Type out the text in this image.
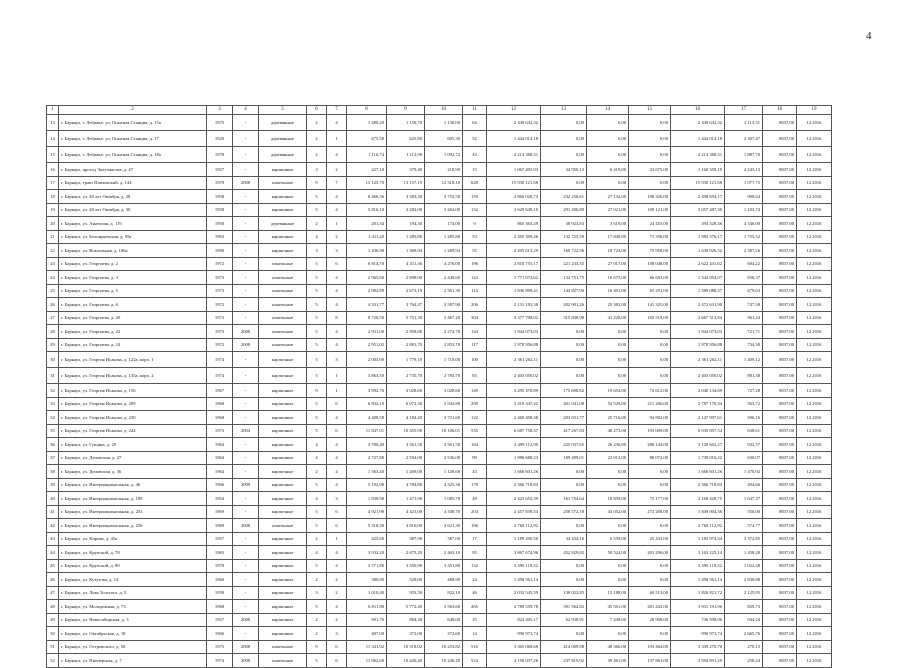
4
1	2	3	4	5	6	7	8	9	10	11	12	13	14	15	16	17	18	19
13	г. Барнаул, г. Лебяжье, ул. Опытная Станция, д. 15а	1975	-	деревянные	2	4	1 280,20	1 156,70	1 130,00	64	2 449 632,32	0,00	0,00	0,00	2 449 632,32	2 113,31	8837,00	12.2016
14	г. Барнаул, г. Лебяжье, ул. Опытная Станция, д. 17	1920	-	деревянные	2	1	675,50	625,80	605,30	52	1 444 014,18	0,00	0,00	0,00	1 444 014,18	2 307,47	8837,00	12.2016
15	г. Барнаул, г. Лебяжье, ул. Опытная Станция, д. 18а	1978	-	деревянные	2	4	1 116,74	1 112,90	1 092,72	43	2 214 368,31	0,00	0,00	0,00	2 214 368,31	1 887,70	8837,00	12.2016
16	г. Барнаул, проезд Энтузиастов, д. 47	1957	-	кирпичные	3	2	427,10	379,40	218,90	15	1 067 403,93	34 950,13	6 419,00	23 675,00	1 160 358,19	4 243,13	8837,00	12.2016
17	г. Барнаул, тракт Павловский, д. 144	1979	2008	панельные	9	7	13 125,70	13 157,19	12 318,10	628	15 930 121,68	0,00	0,00	0,00	15 930 121,68	1 077,75	8837,00	12.2016
18	г. Барнаул, ул. 40 лет Октября, д. 28	1958	-	кирпичные	5	4	6 466,36	3 383,30	3 753,50	159	2 866 028,73	232 256,61	27 132,00	108 320,00	2 498 694,17	908,64	8837,00	12.2016
19	г. Барнаул, ул. 40 лет Октября, д. 30	1958	-	кирпичные	5	4	5 816,10	3 282,00	3 262,00	132	3 629 649,10	291 496,80	27 021,00	109 121,00	3 057 487,30	1 103,74	8837,00	12.2016
20	г. Барнаул, ул. Анатолия, д. 119	1950	-	деревянные	2	1	201,34	194,30	174,00	9	865 363,29	38 923,83	3 619,00	24 455,00	394 328,46	4 346,00	8837,00	12.2016
21	г. Барнаул, ул. Белоярцевская, д. 95а	1963	-	кирпичные	4	2	1 411,20	1 285,80	1 285,80	53	2 205 399,46	132 725,59	17 840,00	71 356,00	1 983 376,17	1 755,52	8837,00	12.2016
22	г. Барнаул, ул. Вокзальная, д. 106а	1990	-	кирпичные	3	3	1 436,98	1 369,94	1 269,94	55	2 205 613,29	160 722,96	18 724,00	75 958,00	1 630 026,52	2 387,26	8837,00	12.2016
23	г. Барнаул, ул. Георгиева, д. 2	1972	-	панельные	5	6	6 814,70	4 411,36	4 276,00	196	2 818 755,17	221 233,35	27 017,00	108 048,00	2 622 441,62	684,22	8837,00	12.2016
24	г. Барнаул, ул. Георгиева, д. 3	1973	-	панельные	5	4	2 965,60	2 698,00	2 449,60	122	1 771 072,62	132 751,75	16 675,00	66 693,00	1 544 854,07	658,37	8837,00	12.2016
25	г. Барнаул, ул. Георгиева, д. 5	1973	-	панельные	5	4	2 982,89	2 673,19	2 561,39	114	1 836 899,41	143 827,90	16 401,00	65 291,00	1 589 088,37	679,63	8837,00	12.2016
26	г. Барнаул, ул. Георгиева, д. 6	1972	-	панельные	5	4	4 331,77	3 764,37	3 587,90	206	2 131 183,38	202 901,26	25 382,00	141 325,00	2 472 631,90	747,38	8837,00	12.2016
27	г. Барнаул, ул. Георгиева, д. 20	1972	-	панельные	5	8	8 720,50	5 751,30	5 467,20	304	3 377 708,02	315 838,98	41 220,00	165 519,00	2 667 313,84	961,24	8837,00	12.2016
28	г. Барнаул, ул. Георгиева, д. 22	1973	2008	панельные	5	4	2 931,00	2 858,80	2 274,70	134	1 944 073,03	0,00	0,00	0,00	1 944 073,03	721,71	8837,00	12.2016
29	г. Барнаул, ул. Георгиева, д. 24	1972	2008	панельные	5	4	2 951,02	2 881,70	2 853,70	117	1 978 956,88	0,00	0,00	0,00	1 978 956,88	734,38	8837,00	12.2016
30	г. Барнаул, ул. Георгия Исакова, д. 122а, корп. 1	1974	-	кирпичные	5	3	2 003,90	1 779,10	1 710,00	100	2 361 262,11	0,00	0,00	0,00	2 361 262,11	1 409,12	8837,00	12.2016
31	г. Барнаул, ул. Георгия Исакова, д. 135а, корп. 2	1974	-	кирпичные	5	1	3 863,50	2 735,70	2 783,70	83	2 403 050,02	0,00	0,00	0,00	2 403 050,02	881,38	8837,00	12.2016
32	г. Барнаул, ул. Георгия Исакова, д. 156	1967	-	кирпичные	9	1	3 992,76	3 028,60	3 028,60	149	3 295 470,89	175 698,82	19 654,00	74 612,00	2 040 134,69	727,28	8837,00	12.2016
33	г. Барнаул, ул. Георгия Исакова, д. 209	1968	-	кирпичные	5	6	6 832,10	6 072,36	5 943,80	299	3 419 347,42	401 041,08	52 529,00	211 206,00	2 787 178,34	563,72	8837,00	12.2016
34	г. Барнаул, ул. Георгия Исакова, д. 230	1968	-	кирпичные	5	4	4 408,58	4 184,20	3 721,60	122	2 469 498,38	203 031,77	25 716,00	94 802,00	2 147 997,61	596,16	8837,00	12.2016
35	г. Барнаул, ул. Георгия Исакова, д. 244	1973	2004	кирпичные	5	6	11 847,01	10 455,98	10 106,01	535	6 687 758,37	417 267,83	48 273,00	193 009,00	6 035 097,54	638,61	8837,00	12.2016
36	г. Барнаул, ул. Гущина, д. 29	1964	-	кирпичные	4	4	3 780,40	3 561,50	3 561,50	164	3 499 112,90	225 037,65	26 236,00	286 144,00	3 120 662,27	932,57	8837,00	12.2016
37	г. Барнаул, ул. Деповская, д. 27	1964	-	кирпичные	4	4	2 727,80	2 594,00	2 536,08	99	1 986 688,23	189 499,01	22 013,00	88 072,00	1 730 016,22	630,07	8837,00	12.2016
38	г. Барнаул, ул. Деповская, д. 36	1964	-	кирпичные	2	4	1 363,40	1 269,00	1 128,68	43	1 666 601,26	0,00	0,00	0,00	1 666 601,26	1 470,92	8837,00	12.2016
39	г. Барнаул, ул. Интернациональная, д. 46	1966	2009	кирпичные	5	4	5 192,90	4 784,80	4 325,36	178	2 366 718,83	0,00	0,00	0,00	2 366 718,83	494,66	8837,00	12.2016
40	г. Барнаул, ул. Интернациональная, д. 189	1954	-	кирпичные	4	3	1 839,90	1 471,90	1 085,70	49	2 423 652,39	161 754,64	18 859,00	75 177,00	2 168 428,75	1 647,37	8837,00	12.2016
41	г. Барнаул, ул. Интернациональная, д. 253	1969	-	кирпичные	5	6	4 921,90	4 421,00	4 338,70	204	2 457 839,54	258 572,18	43 052,00	272 208,00	1 849 004,36	550,00	8837,00	12.2016
42	г. Барнаул, ул. Интернациональная, д. 256	1969	2008	панельные	5	6	5 318,30	4 816,00	4 621,30	196	2 768 112,92	0,00	0,00	0,00	2 768 112,92	574,77	8837,00	12.2016
43	г. Барнаул, ул. Кирова, д. 45а	1957	-	кирпичные	2	1	425,60	387,90	387,00	17	1 189 200,50	34 434,16	6 559,00	25 433,00	1 183 974,34	3 372,85	8837,00	12.2016
44	г. Барнаул, ул. Крупской, д. 78	1963	-	кирпичные	4	4	3 932,20	2 675,20	2 463,10	95	3 867 674,96	452 829,82	50 524,00	201 296,00	3 163 225,14	1 458,28	8837,00	12.2016
45	г. Барнаул, ул. Крупской, д. 80	1970	-	кирпичные	5	4	3 571,80	3 550,90	3 351,80	132	3 596 118,52	0,00	0,00	0,00	3 596 118,52	1 022,48	8837,00	12.2016
46	г. Барнаул, ул. Кутузова, д. 14	1960	-	кирпичные	2	2	580,80	529,00	488,90	24	1 498 561,14	0,00	0,00	0,00	1 498 561,14	2 830,88	8837,00	12.2016
47	г. Барнаул, ул. Льва Толстого, д. 5	1958	-	кирпичные	3	2	1 010,40	953,50	822,10	46	2 032 545,59	130 022,85	15 188,00	60 513,00	1 826 821,72	2 125,95	8837,00	12.2016
48	г. Барнаул, ул. Молодежная, д. 73	1968	-	кирпичные	5	4	6 811,80	5 772,40	5 563,60	265	4 789 559,78	391 562,82	45 561,00	201 443,00	3 931 191,96	829,73	8837,00	12.2016
49	г. Барнаул, ул. Новосибирская, д. 3	1957	2008	кирпичные	2	2	991,76	884,30	648,00	35	824 405,17	62 938,91	7 249,00	28 998,00	736 598,96	944,24	8837,00	12.2016
50	г. Барнаул, ул. Октябрьская, д. 18	1966	-	кирпичные	2	3	407,00	372,00	372,60	14	990 973,74	0,00	0,00	0,00	990 973,74	2 665,76	8837,00	12.2016
51	г. Барнаул, ул. Островского, д. 50	1975	2008	панельные	9	6	11 341,92	10 518,02	10 253,82	516	3 365 068,68	414 009,98	48 366,00	193 464,00	3 339 270,70	270,13	8837,00	12.2016
52	г. Барнаул, ул. Пионерская, д. 7	1974	2008	панельные	5	6	11 962,60	10 420,40	10 240,20	524	4 150 037,26	237 819,92	39 461,00	137 861,00	3 594 891,29	258,24	8837,00	12.2016
